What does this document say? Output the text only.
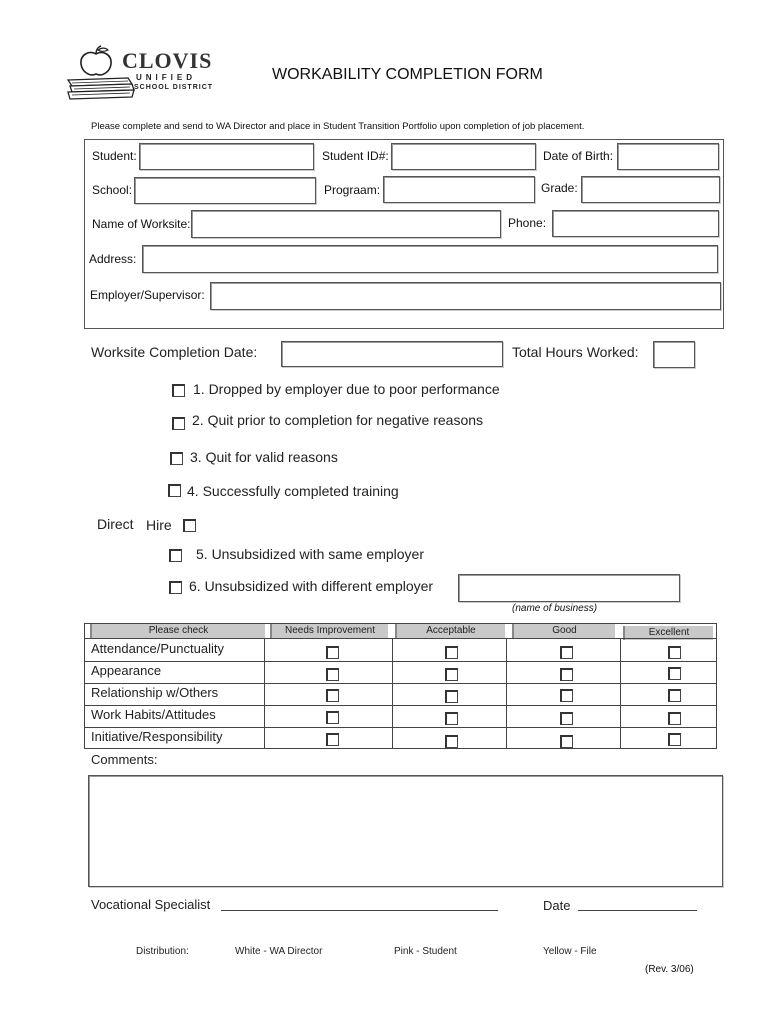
CLOVIS
UNIFIED
SCHOOL DISTRICT
WORKABILITY COMPLETION FORM
Please complete and send to WA Director and place in Student Transition Portfolio upon completion of job placement.
Student:	Student ID#:	Date of Birth:
School:	Prograam:	Grade:
Name of Worksite:	Phone:
Address:
Employer/Supervisor:
Worksite Completion Date:	Total Hours Worked:
1. Dropped by employer due to poor performance
2. Quit prior to completion for negative reasons
3. Quit for valid reasons
4. Successfully completed training
Direct Hire
5. Unsubsidized with same employer
6. Unsubsidized with different employer
(name of business)
Please check	Needs Improvement	Acceptable	Good	Excellent
Attendance/Punctuality
Appearance
Relationship w/Others
Work Habits/Attitudes
Initiative/Responsibility
Comments:
Vocational Specialist	Date
Distribution:	White - WA Director	Pink - Student	Yellow - File
(Rev. 3/06)
